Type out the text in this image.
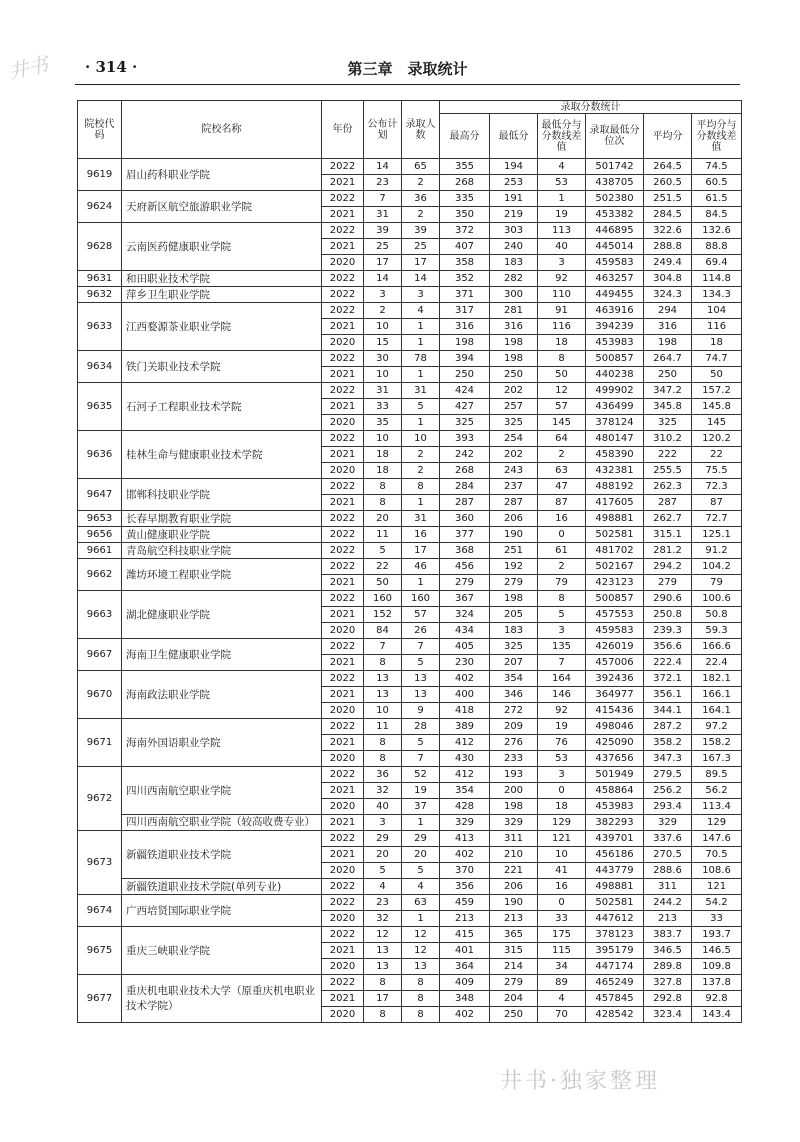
井书 · 314 ·	第三章　录取统计
院校代码	院校名称	年份	公布计划	录取人数	录取分数统计					
					最高分	最低分	最低分与分数线差值	录取最低分位次	平均分	平均分与分数线差值
9619	眉山药科职业学院	2022	14	65	355	194	4	501742	264.5	74.5
		2021	23	2	268	253	53	438705	260.5	60.5
9624	天府新区航空旅游职业学院	2022	7	36	335	191	1	502380	251.5	61.5
		2021	31	2	350	219	19	453382	284.5	84.5
9628	云南医药健康职业学院	2022	39	39	372	303	113	446895	322.6	132.6
		2021	25	25	407	240	40	445014	288.8	88.8
		2020	17	17	358	183	3	459583	249.4	69.4
9631	和田职业技术学院	2022	14	14	352	282	92	463257	304.8	114.8
9632	萍乡卫生职业学院	2022	3	3	371	300	110	449455	324.3	134.3
9633	江西婺源茶业职业学院	2022	2	4	317	281	91	463916	294	104
		2021	10	1	316	316	116	394239	316	116
		2020	15	1	198	198	18	453983	198	18
9634	铁门关职业技术学院	2022	30	78	394	198	8	500857	264.7	74.7
		2021	10	1	250	250	50	440238	250	50
9635	石河子工程职业技术学院	2022	31	31	424	202	12	499902	347.2	157.2
		2021	33	5	427	257	57	436499	345.8	145.8
		2020	35	1	325	325	145	378124	325	145
9636	桂林生命与健康职业技术学院	2022	10	10	393	254	64	480147	310.2	120.2
		2021	18	2	242	202	2	458390	222	22
		2020	18	2	268	243	63	432381	255.5	75.5
9647	邯郸科技职业学院	2022	8	8	284	237	47	488192	262.3	72.3
		2021	8	1	287	287	87	417605	287	87
9653	长春早期教育职业学院	2022	20	31	360	206	16	498881	262.7	72.7
9656	黄山健康职业学院	2022	11	16	377	190	0	502581	315.1	125.1
9661	青岛航空科技职业学院	2022	5	17	368	251	61	481702	281.2	91.2
9662	潍坊环境工程职业学院	2022	22	46	456	192	2	502167	294.2	104.2
		2021	50	1	279	279	79	423123	279	79
9663	湖北健康职业学院	2022	160	160	367	198	8	500857	290.6	100.6
		2021	152	57	324	205	5	457553	250.8	50.8
		2020	84	26	434	183	3	459583	239.3	59.3
9667	海南卫生健康职业学院	2022	7	7	405	325	135	426019	356.6	166.6
		2021	8	5	230	207	7	457006	222.4	22.4
9670	海南政法职业学院	2022	13	13	402	354	164	392436	372.1	182.1
		2021	13	13	400	346	146	364977	356.1	166.1
		2020	10	9	418	272	92	415436	344.1	164.1
9671	海南外国语职业学院	2022	11	28	389	209	19	498046	287.2	97.2
		2021	8	5	412	276	76	425090	358.2	158.2
		2020	8	7	430	233	53	437656	347.3	167.3
9672	四川西南航空职业学院	2022	36	52	412	193	3	501949	279.5	89.5
		2021	32	19	354	200	0	458864	256.2	56.2
		2020	40	37	428	198	18	453983	293.4	113.4
	四川西南航空职业学院（较高收费专业）	2021	3	1	329	329	129	382293	329	129
9673	新疆铁道职业技术学院	2022	29	29	413	311	121	439701	337.6	147.6
		2021	20	20	402	210	10	456186	270.5	70.5
		2020	5	5	370	221	41	443779	288.6	108.6
	新疆铁道职业技术学院(单列专业)	2022	4	4	356	206	16	498881	311	121
9674	广西培贤国际职业学院	2022	23	63	459	190	0	502581	244.2	54.2
		2020	32	1	213	213	33	447612	213	33
9675	重庆三峡职业学院	2022	12	12	415	365	175	378123	383.7	193.7
		2021	13	12	401	315	115	395179	346.5	146.5
		2020	13	13	364	214	34	447174	289.8	109.8
9677	重庆机电职业技术大学（原重庆机电职业技术学院）	2022	8	8	409	279	89	465249	327.8	137.8
		2021	17	8	348	204	4	457845	292.8	92.8
		2020	8	8	402	250	70	428542	323.4	143.4
井书·独家整理
